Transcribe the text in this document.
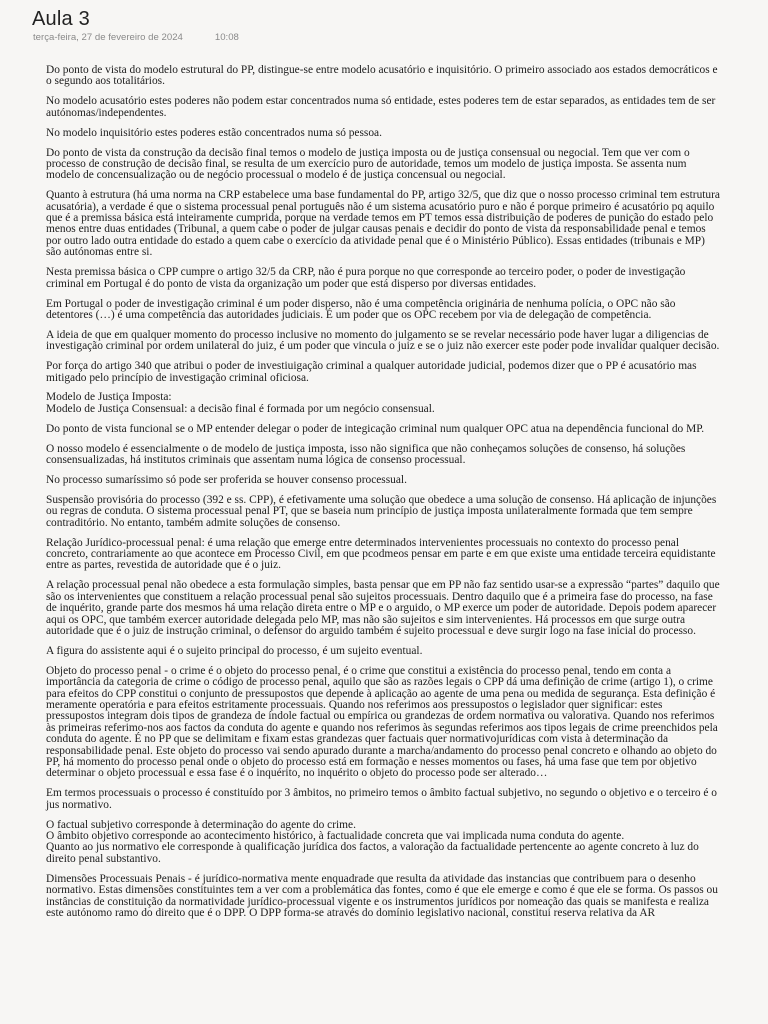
Aula 3
terça-feira, 27 de fevereiro de 2024	10:08

Do ponto de vista do modelo estrutural do PP, distingue-se entre modelo acusatório e inquisitório. O primeiro associado aos estados democráticos e o segundo aos totalitários.

No modelo acusatório estes poderes não podem estar concentrados numa só entidade, estes poderes tem de estar separados, as entidades tem de ser autónomas/independentes.

No modelo inquisitório estes poderes estão concentrados numa só pessoa.

Do ponto de vista da construção da decisão final temos o modelo de justiça imposta ou de justiça consensual ou negocial. Tem que ver com o processo de construção de decisão final, se resulta de um exercício puro de autoridade, temos um modelo de justiça imposta. Se assenta num modelo de concensualização ou de negócio processual o modelo é de justiça concensual ou negocial.

Quanto à estrutura (há uma norma na CRP estabelece uma base fundamental do PP, artigo 32/5, que diz que o nosso processo criminal tem estrutura acusatória), a verdade é que o sistema processual penal português não é um sistema acusatório puro e não é porque primeiro é acusatório pq aquilo que é a premissa básica está inteiramente cumprida, porque na verdade temos em PT temos essa distribuição de poderes de punição do estado pelo menos entre duas entidades (Tribunal, a quem cabe o poder de julgar causas penais e decidir do ponto de vista da responsabilidade penal e temos por outro lado outra entidade do estado a quem cabe o exercício da atividade penal que é o Ministério Público). Essas entidades (tribunais e MP) são autónomas entre si.

Nesta premissa básica o CPP cumpre o artigo 32/5 da CRP, não é pura porque no que corresponde ao terceiro poder, o poder de investigação criminal em Portugal é do ponto de vista da organização um poder que está disperso por diversas entidades.

Em Portugal o poder de investigação criminal é um poder disperso, não é uma competência originária de nenhuma polícia, o OPC não são detentores (…) é uma competência das autoridades judiciais. É um poder que os OPC recebem por via de delegação de competência.

A ideia de que em qualquer momento do processo inclusive no momento do julgamento se se revelar necessário pode haver lugar a diligencias de investigação criminal por ordem unilateral do juiz, é um poder que vincula o juiz e se o juiz não exercer este poder pode invalidar qualquer decisão.

Por força do artigo 340 que atribui o poder de investiuigação criminal a qualquer autoridade judicial, podemos dizer que o PP é acusatório mas mitigado pelo princípio de investigação criminal oficiosa.

Modelo de Justiça Imposta:

Modelo de Justiça Consensual: a decisão final é formada por um negócio consensual.

Do ponto de vista funcional se o MP entender delegar o poder de integicação criminal num qualquer OPC atua na dependência funcional do MP.

O nosso modelo é essencialmente o de modelo de justiça imposta, isso não significa que não conheçamos soluções de consenso, há soluções consensualizadas, há institutos criminais que assentam numa lógica de consenso processual.

No processo sumaríssimo só pode ser proferida se houver consenso processual.

Suspensão provisória do processo (392 e ss. CPP), é efetivamente uma solução que obedece a uma solução de consenso. Há aplicação de injunções ou regras de conduta. O sistema processual penal PT, que se baseia num princípio de justiça imposta unilateralmente formada que tem sempre contraditório. No entanto, também admite soluções de consenso.

Relação Jurídico-processual penal: é uma relação que emerge entre determinados intervenientes processuais no contexto do processo penal concreto, contrariamente ao que acontece em Processo Civil, em que pcodmeos pensar em parte e em que existe uma entidade terceira equidistante entre as partes, revestida de autoridade que é o juiz.

A relação processual penal não obedece a esta formulação simples, basta pensar que em PP não faz sentido usar-se a expressão “partes” daquilo que são os intervenientes que constituem a relação processual penal são sujeitos processuais. Dentro daquilo que é a primeira fase do processo, na fase de inquérito, grande parte dos mesmos há uma relação direta entre o MP e o arguido, o MP exerce um poder de autoridade. Depois podem aparecer aqui os OPC, que também exercer autoridade delegada pelo MP, mas não são sujeitos e sim intervenientes. Há processos em que surge outra autoridade que é o juiz de instrução criminal, o defensor do arguido também é sujeito processual e deve surgir logo na fase inicial do processo.

A figura do assistente aqui é o sujeito principal do processo, é um sujeito eventual.

Objeto do processo penal - o crime é o objeto do processo penal, é o crime que constitui a existência do processo penal, tendo em conta a importância da categoria de crime o código de processo penal, aquilo que são as razões legais o CPP dá uma definição de crime (artigo 1), o crime para efeitos do CPP constitui o conjunto de pressupostos que depende à aplicação ao agente de uma pena ou medida de segurança. Esta definição é meramente operatória e para efeitos estritamente processuais. Quando nos referimos aos pressupostos o legislador quer significar: estes pressupostos integram dois tipos de grandeza de índole factual ou empírica ou grandezas de ordem normativa ou valorativa. Quando nos referimos às primeiras referimo-nos aos factos da conduta do agente e quando nos referimos às segundas referimos aos tipos legais de crime preenchidos pela conduta do agente. É no PP que se delimitam e fixam estas grandezas quer factuais quer normativojurídicas com vista à determinação da responsabilidade penal. Este objeto do processo vai sendo apurado durante a marcha/andamento do processo penal concreto e olhando ao objeto do PP, há momento do processo penal onde o objeto do processo está em formação e nesses momentos ou fases, há uma fase que tem por objetivo determinar o objeto processual e essa fase é o inquérito, no inquérito o objeto do processo pode ser alterado…

Em termos processuais o processo é constituído por 3 âmbitos, no primeiro temos o âmbito factual subjetivo, no segundo o objetivo e o terceiro é o jus normativo.

O factual subjetivo corresponde à determinação do agente do crime.

O âmbito objetivo corresponde ao acontecimento histórico, à factualidade concreta que vai implicada numa conduta do agente.

Quanto ao jus normativo ele corresponde à qualificação jurídica dos factos, a valoração da factualidade pertencente ao agente concreto à luz do direito penal substantivo.

Dimensões Processuais Penais - é jurídico-normativa mente enquadrade que resulta da atividade das instancias que contribuem para o desenho normativo. Estas dimensões constituintes tem a ver com a problemática das fontes, como é que ele emerge e como é que ele se forma. Os passos ou instâncias de constituição da normatividade jurídico-processual vigente e os instrumentos jurídicos por nomeação das quais se manifesta e realiza este autónomo ramo do direito que é o DPP. O DPP forma-se através do domínio legislativo nacional, constitui reserva relativa da AR
